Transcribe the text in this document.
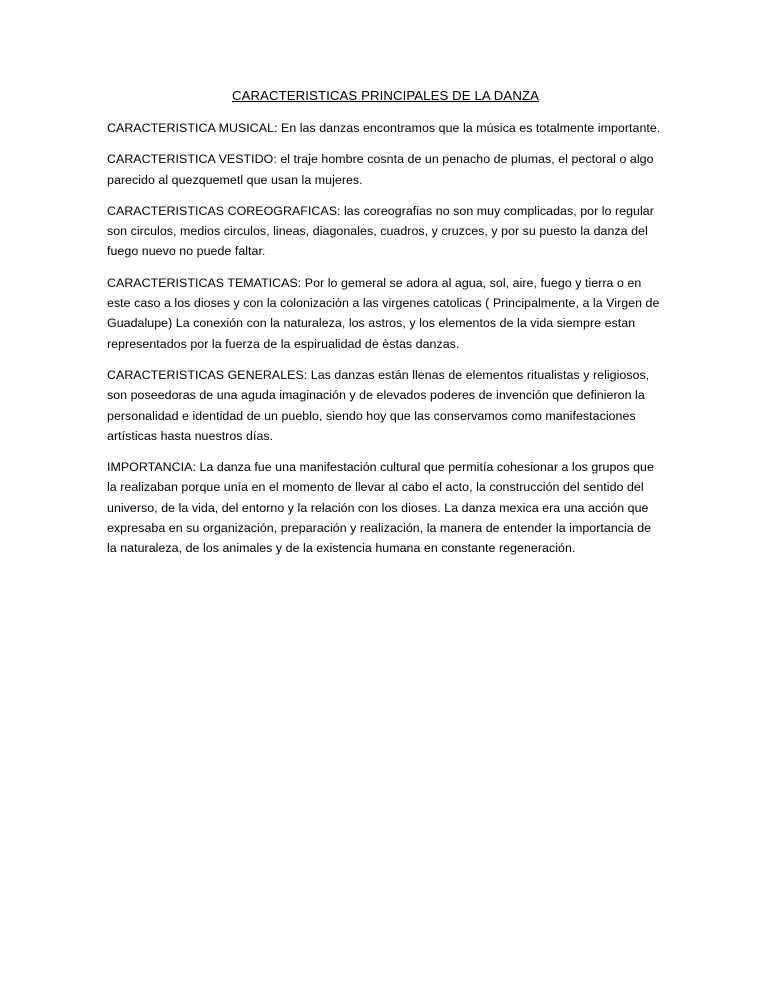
CARACTERISTICAS PRINCIPALES DE LA DANZA

CARACTERISTICA MUSICAL: En las danzas encontramos que la música es totalmente importante.

CARACTERISTICA VESTIDO: el traje hombre cosnta de un penacho de plumas, el pectoral o algo parecido al quezquemetl que usan la mujeres.

CARACTERISTICAS COREOGRAFICAS: las coreografias no son muy complicadas, por lo regular son circulos, medios circulos, lineas, diagonales, cuadros, y cruzces, y por su puesto la danza del fuego nuevo no puede faltar.

CARACTERISTICAS TEMATICAS: Por lo gemeral se adora al agua, sol, aire, fuego y tierra o en este caso a los dioses y con la colonizaciòn a las virgenes catolicas ( Principalmente, a la Virgen de Guadalupe) La conexión con la naturaleza, los astros, y los elementos de la vida siempre estan representados por la fuerza de la espirualidad de èstas danzas.

CARACTERISTICAS GENERALES: Las danzas están llenas de elementos ritualistas y religiosos, son poseedoras de una aguda imaginación y de elevados poderes de invención que definieron la personalidad e identidad de un pueblo, siendo hoy que las conservamos como manifestaciones artísticas hasta nuestros días.

IMPORTANCIA: La danza fue una manifestación cultural que permitía cohesionar a los grupos que la realizaban porque unía en el momento de llevar al cabo el acto, la construcción del sentido del universo, de la vida, del entorno y la relación con los dioses. La danza mexica era una acción que expresaba en su organización, preparación y realización, la manera de entender la importancia de la naturaleza, de los animales y de la existencia humana en constante regeneración.
